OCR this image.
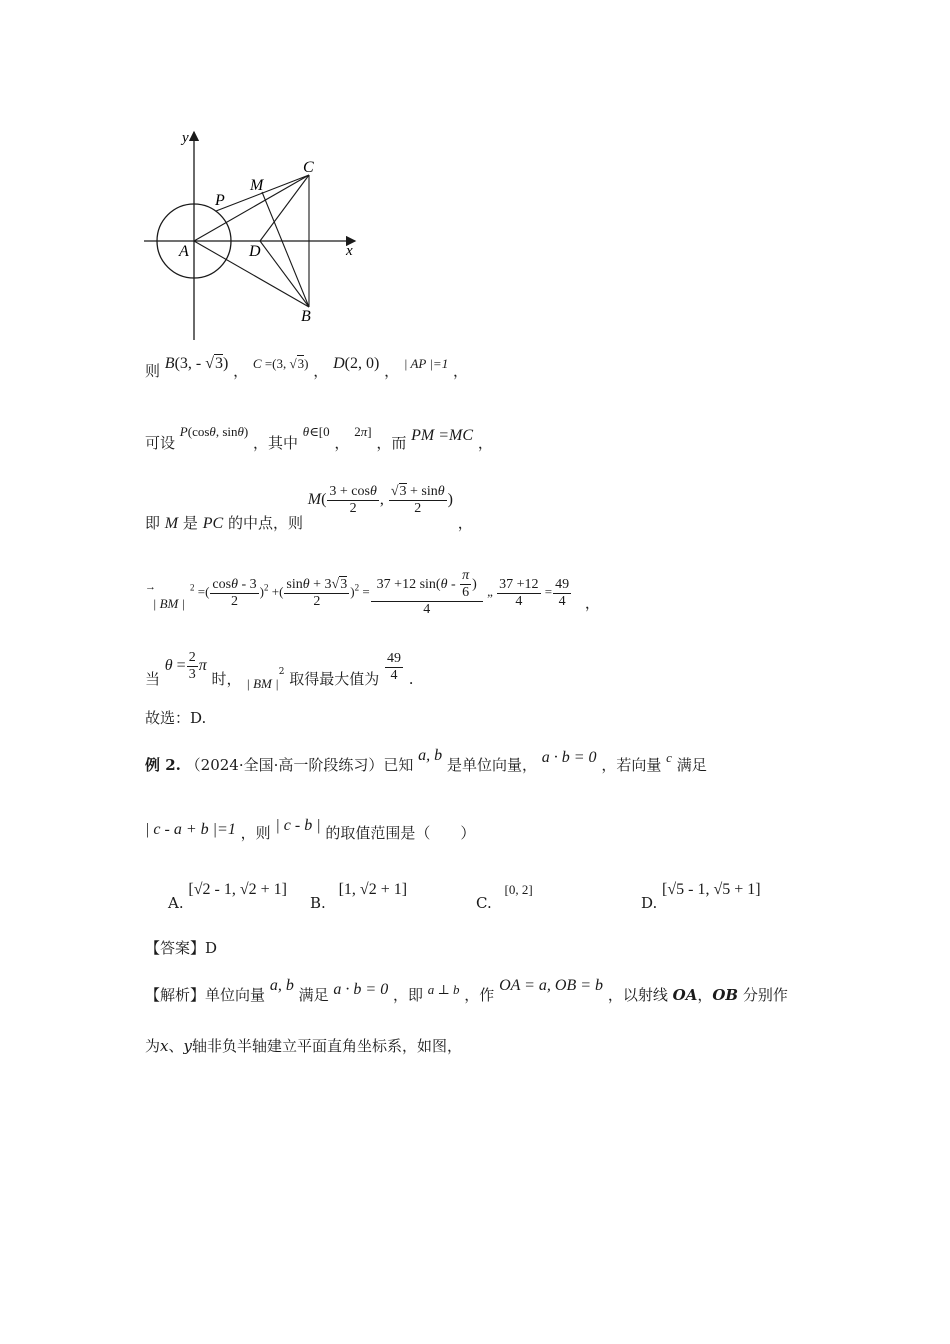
y
x
P
M
C
A	D
B
则 B(3, - √3) ， C =(3, √3) ， D(2, 0) ， | AP |=1 ，
可设 P(cosθ, sinθ) ，其中 θ∈[0 ， 2π] ，而 PM =MC ，
即 M 是 PC 的中点，则 $M( \frac{3 + \cos\theta}{2}$ , $\frac{√3 + \sin\theta}{2}$ ) ，
→ | BM | $^2$ =( $\frac{\cos\theta - 3}{2} )^2$ +( $\frac{\sin\theta + 3√3}{2} )^2 = \frac{37 +12 \sin(\theta - \frac{\pi}{6} )}{4}$ „ $\frac{37 +12}{4} = \frac{49}{4}$ ，
当 $\theta = \frac{2}{3}$ π 时， | BM $|^2$ 取得最大值为 $\frac{49}{4}$ .
故选：D.
例 2. （2024·全国·高一阶段练习）已知 a, b 是单位向量， a · b = 0 ，若向量 c 满足
| c - a + b |=1 ，则 | c - b | 的取值范围是（　　）
A. [√2 - 1, √2 + 1]
B. [1, √2 + 1]
C. [0, 2]
D. [√5 - 1, √5 + 1]
【答案】D
【解析】单位向量 a, b 满足 a · b = 0 ，即 a ⊥ b ，作 OA = a, OB = b ，以射线 OA，OB 分别作
为x、y轴非负半轴建立平面直角坐标系，如图，
